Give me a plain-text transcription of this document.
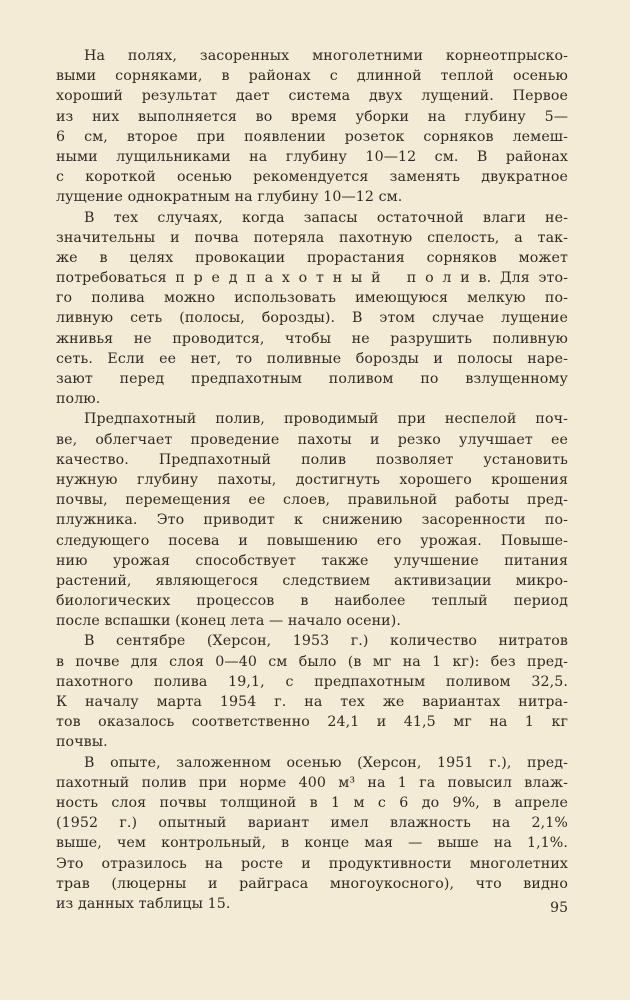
На полях, засоренных многолетними корнеотпрыско-
выми сорняками, в районах с длинной теплой осенью
хороший результат дает система двух лущений. Первое
из них выполняется во время уборки на глубину 5—
6 см, второе при появлении розеток сорняков лемеш-
ными лущильниками на глубину 10—12 см. В районах
с короткой осенью рекомендуется заменять двукратное
лущение однократным на глубину 10—12 см.
В тех случаях, когда запасы остаточной влаги не-
значительны и почва потеряла пахотную спелость, а так-
же в целях провокации прорастания сорняков может
потребоваться п р е д п а х о т н ы й   п о л и в. Для это-
го полива можно использовать имеющуюся мелкую по-
ливную сеть (полосы, борозды). В этом случае лущение
жнивья не проводится, чтобы не разрушить поливную
сеть. Если ее нет, то поливные борозды и полосы наре-
зают перед предпахотным поливом по взлущенному
полю.
Предпахотный полив, проводимый при неспелой поч-
ве, облегчает проведение пахоты и резко улучшает ее
качество. Предпахотный полив позволяет установить
нужную глубину пахоты, достигнуть хорошего крошения
почвы, перемещения ее слоев, правильной работы пред-
плужника. Это приводит к снижению засоренности по-
следующего посева и повышению его урожая. Повыше-
нию урожая способствует также улучшение питания
растений, являющегося следствием активизации микро-
биологических процессов в наиболее теплый период
после вспашки (конец лета — начало осени).
В сентябре (Херсон, 1953 г.) количество нитратов
в почве для слоя 0—40 см было (в мг на 1 кг): без пред-
пахотного полива 19,1, с предпахотным поливом 32,5.
К началу марта 1954 г. на тех же вариантах нитра-
тов оказалось соответственно 24,1 и 41,5 мг на 1 кг
почвы.
В опыте, заложенном осенью (Херсон, 1951 г.), пред-
пахотный полив при норме 400 м³ на 1 га повысил влаж-
ность слоя почвы толщиной в 1 м с 6 до 9%, в апреле
(1952 г.) опытный вариант имел влажность на 2,1%
выше, чем контрольный, в конце мая — выше на 1,1%.
Это отразилось на росте и продуктивности многолетних
трав (люцерны и райграса многоукосного), что видно
из данных таблицы 15.	95
